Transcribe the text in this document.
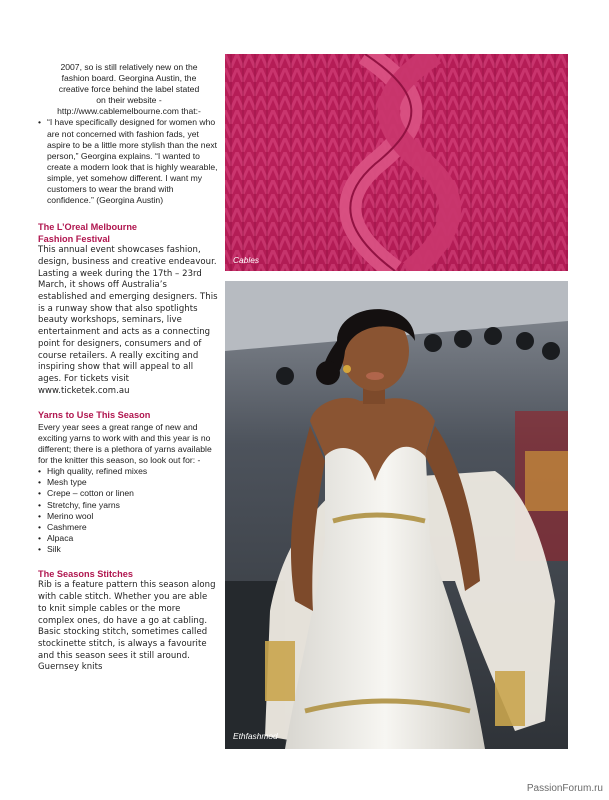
2007, so is still relatively new on the
fashion board. Georgina Austin, the
creative force behind the label stated
on their website -
http://www.cablemelbourne.com that:-
• “I have specifically designed for women who are not concerned with fashion fads, yet aspire to be a little more stylish than the next person,” Georgina explains. “I wanted to create a modern look that is highly wearable, simple, yet somehow different. I want my customers to wear the brand with confidence.” (Georgina Austin)
The L’Oreal Melbourne
Fashion Festival

This annual event showcases fashion, design, business and creative endeavour. Lasting a week during the 17th – 23rd March, it shows off Australia’s established and emerging designers. This is a runway show that also spotlights beauty workshops, seminars, live entertainment and acts as a connecting point for designers, consumers and of course retailers. A really exciting and inspiring show that will appeal to all ages. For tickets visit www.ticketek.com.au

Yarns to Use This Season

Every year sees a great range of new and exciting yarns to work with and this year is no different; there is a plethora of yarns available for the knitter this season, so look out for: -

• High quality, refined mixes
• Mesh type
• Crepe – cotton or linen
• Stretchy, fine yarns
• Merino wool
• Cashmere
• Alpaca
• Silk
The Seasons Stitches

Rib is a feature pattern this season along with cable stitch. Whether you are able to knit simple cables or the more complex ones, do have a go at cabling. Basic stocking stitch, sometimes called stockinette stitch, is always a favourite and this season sees it still around. Guernsey knits

Cables
Ethfashmod
PassionForum.ru
